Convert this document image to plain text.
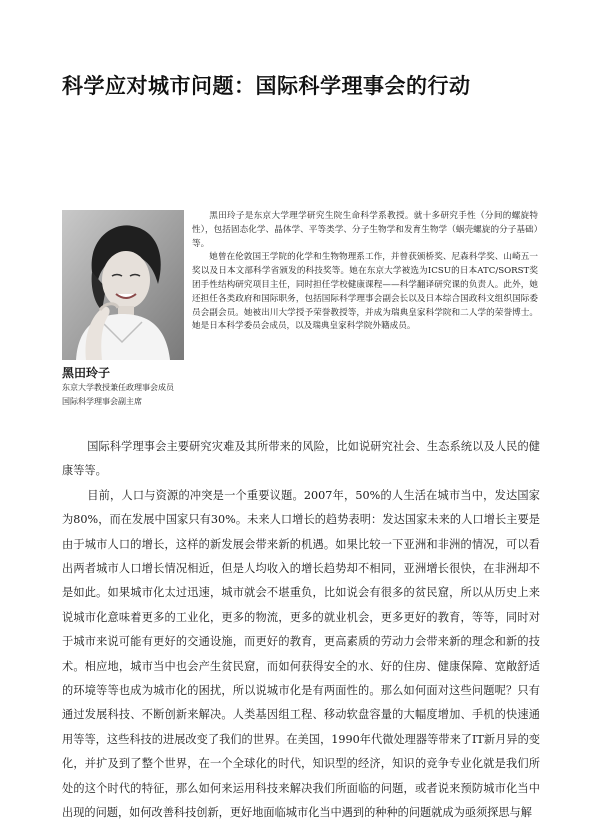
科学应对城市问题：国际科学理事会的行动

黑田玲子

东京大学教授兼任政理事会成员
国际科学理事会副主席

黑田玲子是东京大学理学研究生院生命科学系教授。就十多研究手性（分间的螺旋特性），包括固态化学、晶体学、平等类学、分子生物学和发育生物学（蜗壳螺旋的分子基础）等。

她曾在伦敦国王学院的化学和生物物理系工作，并曾获颁桥奖、尼森科学奖、山崎五一奖以及日本文部科学省颁发的科技奖等。她在东京大学被选为ICSU的日本ATC/SORST奖团手性结构研究项目主任，同时担任学校健康课程——科学翻译研究课的负责人。此外，她还担任各类政府和国际职务，包括国际科学理事会副会长以及日本综合国政科文组织国际委员会副会员。她被出川大学授予荣誉教授等，并成为瑞典皇家科学院和二人学的荣誉博士。她是日本科学委员会成员，以及瑞典皇家科学院外籍成员。

国际科学理事会主要研究灾难及其所带来的风险，比如说研究社会、生态系统以及人民的健康等等。

目前，人口与资源的冲突是一个重要议题。2007年，50%的人生活在城市当中，发达国家为80%，而在发展中国家只有30%。未来人口增长的趋势表明：发达国家未来的人口增长主要是由于城市人口的增长，这样的新发展会带来新的机遇。如果比较一下亚洲和非洲的情况，可以看出两者城市人口增长情况相近，但是人均收入的增长趋势却不相同，亚洲增长很快，在非洲却不是如此。如果城市化太过迅速，城市就会不堪重负，比如说会有很多的贫民窟，所以从历史上来说城市化意味着更多的工业化，更多的物流，更多的就业机会，更多更好的教育，等等，同时对于城市来说可能有更好的交通设施，而更好的教育，更高素质的劳动力会带来新的理念和新的技术。相应地，城市当中也会产生贫民窟，而如何获得安全的水、好的住房、健康保障、宽敞舒适的环境等等也成为城市化的困扰，所以说城市化是有两面性的。那么如何面对这些问题呢？只有通过发展科技、不断创新来解决。人类基因组工程、移动软盘容量的大幅度增加、手机的快速通用等等，这些科技的进展改变了我们的世界。在美国，1990年代微处理器等带来了IT新月异的变化，并扩及到了整个世界，在一个全球化的时代，知识型的经济，知识的竞争专业化就是我们所处的这个时代的特征，那么如何来运用科技来解决我们所面临的问题，或者说来预防城市化当中出现的问题，如何改善科技创新，更好地面临城市化当中遇到的种种的问题就成为亟须探思与解
